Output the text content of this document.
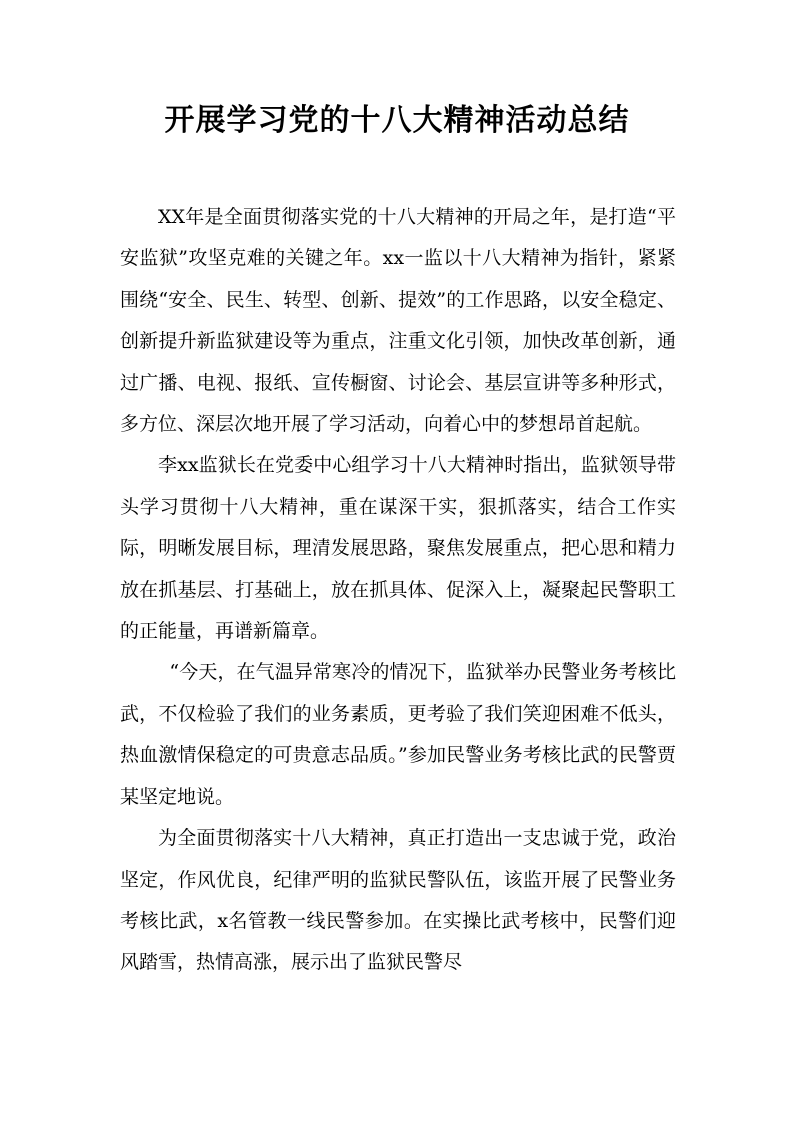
开展学习党的十八大精神活动总结

XX年是全面贯彻落实党的十八大精神的开局之年，是打造“平安监狱”攻坚克难的关键之年。xx一监以十八大精神为指针，紧紧围绕“安全、民生、转型、创新、提效”的工作思路，以安全稳定、创新提升新监狱建设等为重点，注重文化引领，加快改革创新，通过广播、电视、报纸、宣传橱窗、讨论会、基层宣讲等多种形式，多方位、深层次地开展了学习活动，向着心中的梦想昂首起航。

李xx监狱长在党委中心组学习十八大精神时指出，监狱领导带头学习贯彻十八大精神，重在谋深干实，狠抓落实，结合工作实际，明晰发展目标，理清发展思路，聚焦发展重点，把心思和精力放在抓基层、打基础上，放在抓具体、促深入上，凝聚起民警职工的正能量，再谱新篇章。

“今天，在气温异常寒冷的情况下，监狱举办民警业务考核比武，不仅检验了我们的业务素质，更考验了我们笑迎困难不低头，热血激情保稳定的可贵意志品质。”参加民警业务考核比武的民警贾某坚定地说。

为全面贯彻落实十八大精神，真正打造出一支忠诚于党，政治坚定，作风优良，纪律严明的监狱民警队伍，该监开展了民警业务考核比武，x名管教一线民警参加。在实操比武考核中，民警们迎风踏雪，热情高涨，展示出了监狱民警尽
